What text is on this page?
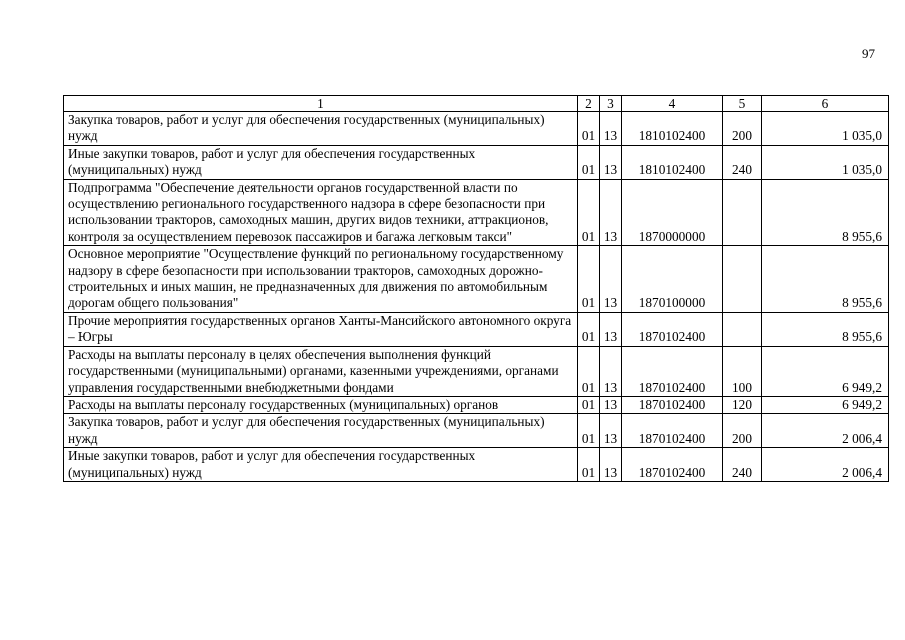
97
1	2	3	4	5	6
Закупка товаров, работ и услуг для обеспечения государственных (муниципальных) нужд	01	13	1810102400	200	1 035,0
Иные закупки товаров, работ и услуг для обеспечения государственных (муниципальных) нужд	01	13	1810102400	240	1 035,0
Подпрограмма "Обеспечение деятельности органов государственной власти по осуществлению регионального государственного надзора в сфере безопасности при использовании тракторов, самоходных машин, других видов техники, аттракционов, контроля за осуществлением перевозок пассажиров и багажа легковым такси"	01	13	1870000000		8 955,6
Основное мероприятие "Осуществление функций по региональному государственному надзору в сфере безопасности при использовании тракторов, самоходных дорожно-строительных и иных машин, не предназначенных для движения по автомобильным дорогам общего пользования"	01	13	1870100000		8 955,6
Прочие мероприятия государственных органов Ханты-Мансийского автономного округа – Югры	01	13	1870102400		8 955,6
Расходы на выплаты персоналу в целях обеспечения выполнения функций государственными (муниципальными) органами, казенными учреждениями, органами управления государственными внебюджетными фондами	01	13	1870102400	100	6 949,2
Расходы на выплаты персоналу государственных (муниципальных) органов	01	13	1870102400	120	6 949,2
Закупка товаров, работ и услуг для обеспечения государственных (муниципальных) нужд	01	13	1870102400	200	2 006,4
Иные закупки товаров, работ и услуг для обеспечения государственных (муниципальных) нужд	01	13	1870102400	240	2 006,4
